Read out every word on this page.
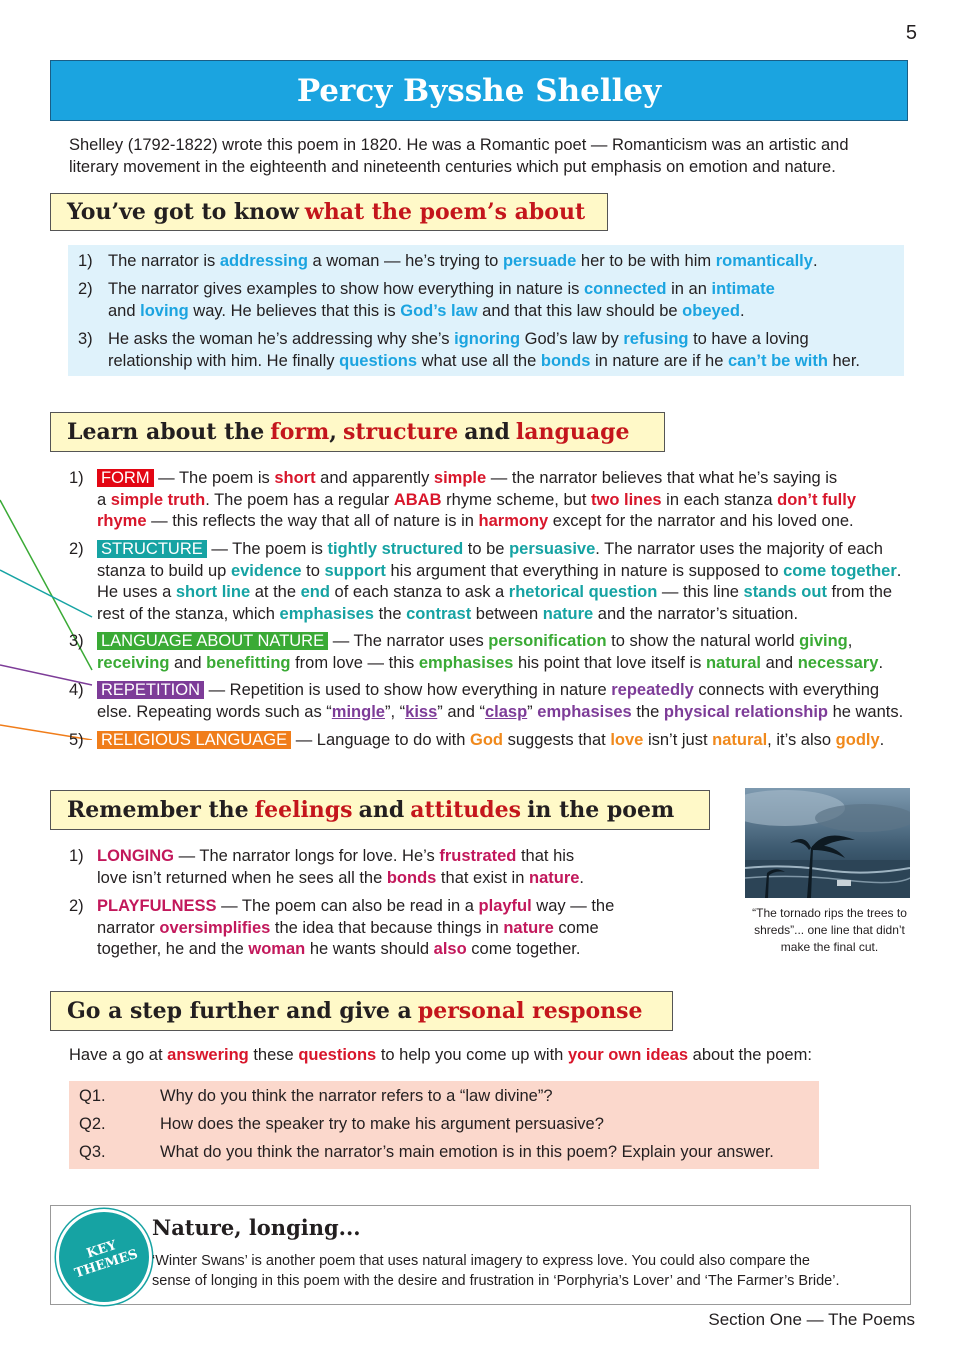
5
Percy Bysshe Shelley
Shelley (1792-1822) wrote this poem in 1820. He was a Romantic poet — Romanticism was an artistic and
literary movement in the eighteenth and nineteenth centuries which put emphasis on emotion and nature.
You’ve got to know what the poem’s about
1) The narrator is addressing a woman — he’s trying to persuade her to be with him romantically.
2) The narrator gives examples to show how everything in nature is connected in an intimate
and loving way. He believes that this is God’s law and that this law should be obeyed.
3) He asks the woman he’s addressing why she’s ignoring God’s law by refusing to have a loving
relationship with him. He finally questions what use all the bonds in nature are if he can’t be with her.
Learn about the form , structure and language
1) FORM — The poem is short and apparently simple — the narrator believes that what he’s saying is
a simple truth. The poem has a regular ABAB rhyme scheme, but two lines in each stanza don’t fully
rhyme — this reflects the way that all of nature is in harmony except for the narrator and his loved one.
2) STRUCTURE — The poem is tightly structured to be persuasive. The narrator uses the majority of each
stanza to build up evidence to support his argument that everything in nature is supposed to come together.
He uses a short line at the end of each stanza to ask a rhetorical question — this line stands out from the
rest of the stanza, which emphasises the contrast between nature and the narrator’s situation.
3) LANGUAGE ABOUT NATURE — The narrator uses personification to show the natural world giving,
receiving and benefitting from love — this emphasises his point that love itself is natural and necessary.
4) REPETITION — Repetition is used to show how everything in nature repeatedly connects with everything
else. Repeating words such as “mingle”, “kiss” and “clasp” emphasises the physical relationship he wants.
5) RELIGIOUS LANGUAGE — Language to do with God suggests that love isn’t just natural, it’s also godly.
Remember the feelings and attitudes in the poem
1) LONGING — The narrator longs for love. He’s frustrated that his
love isn’t returned when he sees all the bonds that exist in nature.
2) PLAYFULNESS — The poem can also be read in a playful way — the
narrator oversimplifies the idea that because things in nature come
together, he and the woman he wants should also come together.
“The tornado rips the trees to shreds”... one line that didn’t make the final cut.
Go a step further and give a personal response
Have a go at answering these questions to help you come up with your own ideas about the poem:
Q1.	Why do you think the narrator refers to a “law divine”?
Q2.	How does the speaker try to make his argument persuasive?
Q3.	What do you think the narrator’s main emotion is in this poem? Explain your answer.
KEY THEMES
Nature, longing...
‘Winter Swans’ is another poem that uses natural imagery to express love. You could also compare the
sense of longing in this poem with the desire and frustration in ‘Porphyria’s Lover’ and ‘The Farmer’s Bride’.
Section One — The Poems
